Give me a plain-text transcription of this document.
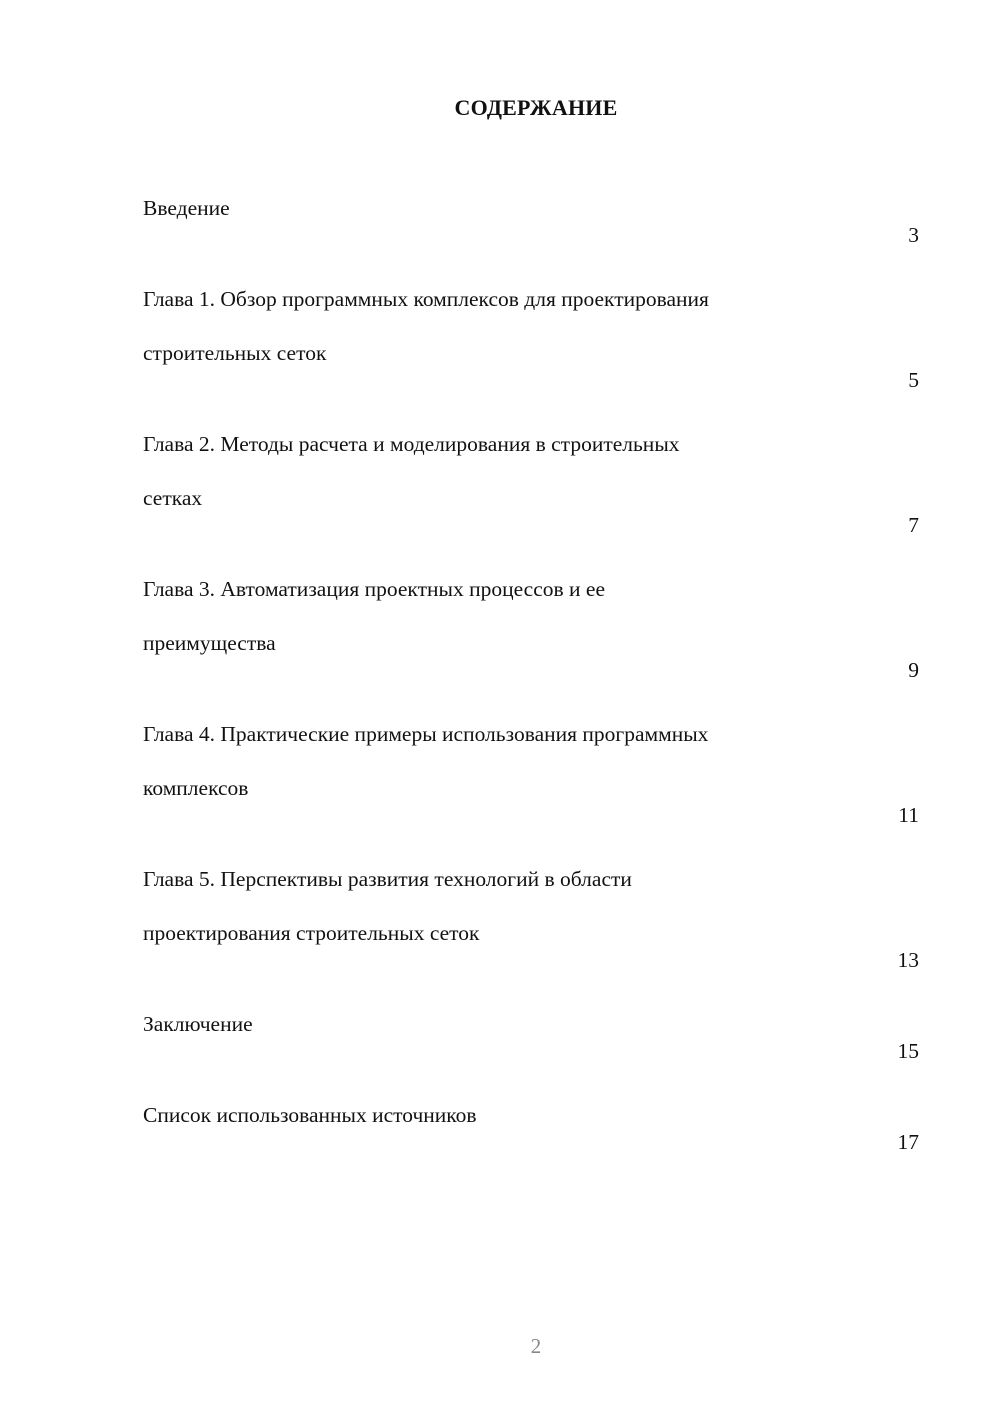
СОДЕРЖАНИЕ

Введение

3

Глава 1. Обзор программных комплексов для проектирования

строительных сеток

5

Глава 2. Методы расчета и моделирования в строительных

сетках

7

Глава 3. Автоматизация проектных процессов и ее

преимущества

9

Глава 4. Практические примеры использования программных

комплексов

11

Глава 5. Перспективы развития технологий в области

проектирования строительных сеток

13

Заключение

15

Список использованных источников

17
2
